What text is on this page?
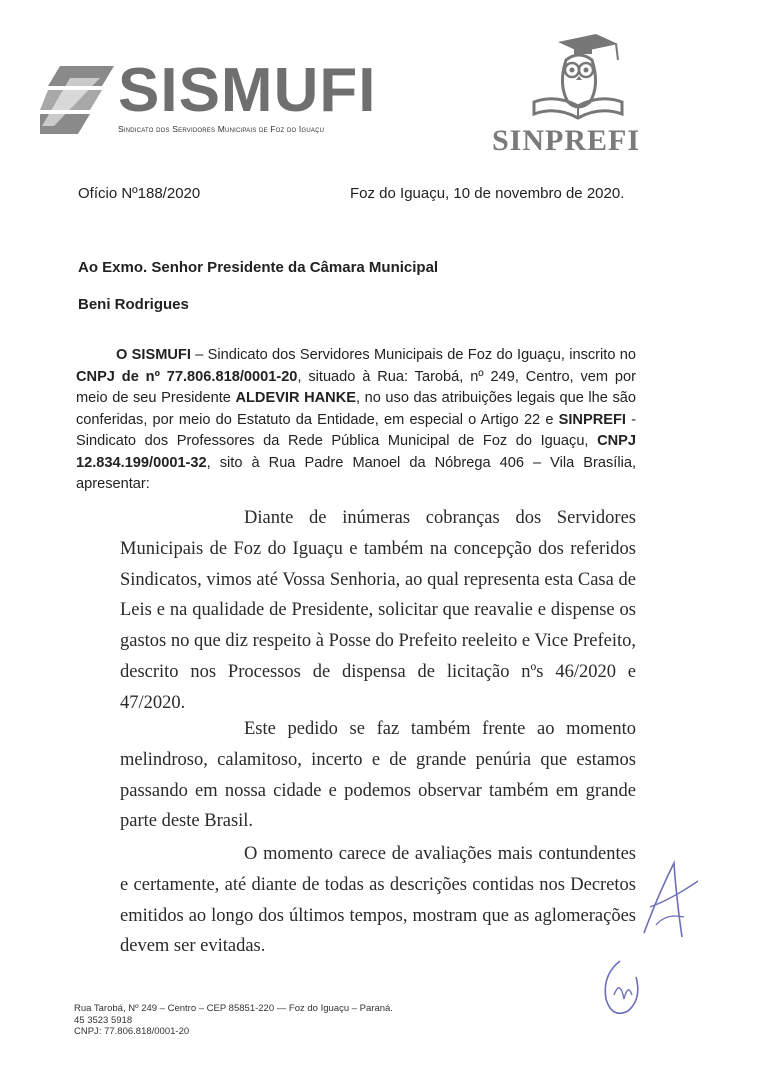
SISMUFI
Sindicato dos Servidores Municipais de Foz do Iguaçu	SINPREFI
Ofício Nº188/2020	Foz do Iguaçu, 10 de novembro de 2020.
Ao Exmo. Senhor Presidente da Câmara Municipal
Beni Rodrigues
O SISMUFI – Sindicato dos Servidores Municipais de Foz do Iguaçu, inscrito no CNPJ de nº 77.806.818/0001-20, situado à Rua: Tarobá, nº 249, Centro, vem por meio de seu Presidente ALDEVIR HANKE, no uso das atribuições legais que lhe são conferidas, por meio do Estatuto da Entidade, em especial o Artigo 22 e SINPREFI - Sindicato dos Professores da Rede Pública Municipal de Foz do Iguaçu, CNPJ 12.834.199/0001-32, sito à Rua Padre Manoel da Nóbrega 406 – Vila Brasília, apresentar:
Diante de inúmeras cobranças dos Servidores Municipais de Foz do Iguaçu e também na concepção dos referidos Sindicatos, vimos até Vossa Senhoria, ao qual representa esta Casa de Leis e na qualidade de Presidente, solicitar que reavalie e dispense os gastos no que diz respeito à Posse do Prefeito reeleito e Vice Prefeito, descrito nos Processos de dispensa de licitação nºs 46/2020 e 47/2020.
Este pedido se faz também frente ao momento melindroso, calamitoso, incerto e de grande penúria que estamos passando em nossa cidade e podemos observar também em grande parte deste Brasil.
O momento carece de avaliações mais contundentes e certamente, até diante de todas as descrições contidas nos Decretos emitidos ao longo dos últimos tempos, mostram que as aglomerações devem ser evitadas.
Rua Tarobá, Nº 249 – Centro – CEP 85851-220 — Foz do Iguaçu – Paraná.
45 3523 5918
CNPJ: 77.806.818/0001-20
